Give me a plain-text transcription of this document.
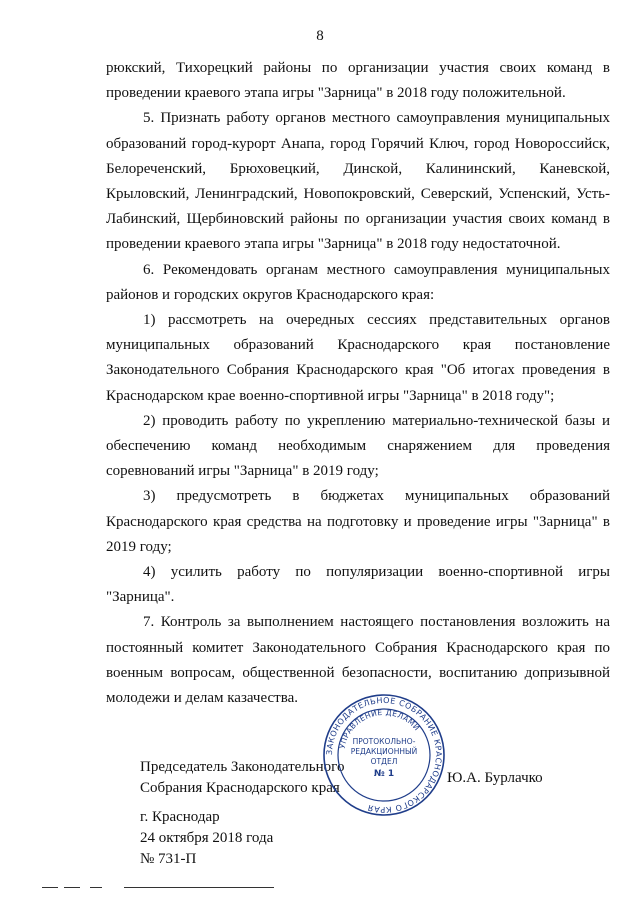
8

рюкский, Тихорецкий районы по организации участия своих команд в проведении краевого этапа игры "Зарница" в 2018 году положительной.

5. Признать работу органов местного самоуправления муниципальных образований город-курорт Анапа, город Горячий Ключ, город Новороссийск, Белореченский, Брюховецкий, Динской, Калининский, Каневской, Крыловский, Ленинградский, Новопокровский, Северский, Успенский, Усть-Лабинский, Щербиновский районы по организации участия своих команд в проведении краевого этапа игры "Зарница" в 2018 году недостаточной.

6. Рекомендовать органам местного самоуправления муниципальных районов и городских округов Краснодарского края:

1) рассмотреть на очередных сессиях представительных органов муниципальных образований Краснодарского края постановление Законодательного Собрания Краснодарского края "Об итогах проведения в Краснодарском крае военно-спортивной игры "Зарница" в 2018 году";

2) проводить работу по укреплению материально-технической базы и обеспечению команд необходимым снаряжением для проведения соревнований игры "Зарница" в 2019 году;

3) предусмотреть в бюджетах муниципальных образований Краснодарского края средства на подготовку и проведение игры "Зарница" в 2019 году;

4) усилить работу по популяризации военно-спортивной игры "Зарница".

7. Контроль за выполнением настоящего постановления возложить на постоянный комитет Законодательного Собрания Краснодарского края по военным вопросам, общественной безопасности, воспитанию допризывной молодежи и делам казачества.

Председатель Законодательного
Собрания Краснодарского края
ЗАКОНОДАТЕЛЬНОЕ СОБРАНИЕ КРАСНОДАРСКОГО КРАЯ
УПРАВЛЕНИЕ ДЕЛАМИ
ПРОТОКОЛЬНО-
РЕДАКЦИОННЫЙ
ОТДЕЛ
№ 1	Ю.А. Бурлачко
г. Краснодар
24 октября 2018 года
№ 731-П
